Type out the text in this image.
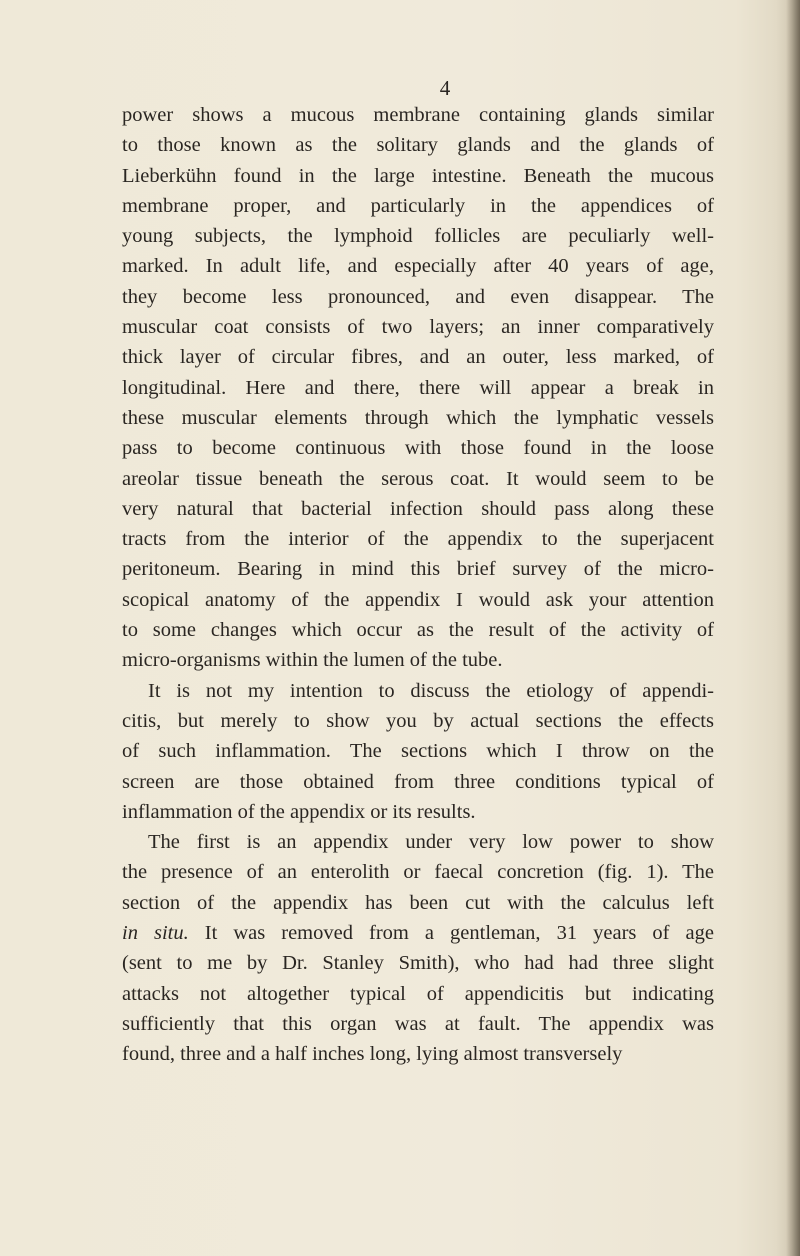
4

power shows a mucous membrane containing glands similar
to those known as the solitary glands and the glands of
Lieberkühn found in the large intestine. Beneath the mucous
membrane proper, and particularly in the appendices of
young subjects, the lymphoid follicles are peculiarly well-
marked. In adult life, and especially after 40 years of age,
they become less pronounced, and even disappear. The
muscular coat consists of two layers; an inner comparatively
thick layer of circular fibres, and an outer, less marked, of
longitudinal. Here and there, there will appear a break in
these muscular elements through which the lymphatic vessels
pass to become continuous with those found in the loose
areolar tissue beneath the serous coat. It would seem to be
very natural that bacterial infection should pass along these
tracts from the interior of the appendix to the superjacent
peritoneum. Bearing in mind this brief survey of the micro-
scopical anatomy of the appendix I would ask your attention
to some changes which occur as the result of the activity of
micro-organisms within the lumen of the tube.
It is not my intention to discuss the etiology of appendi-
citis, but merely to show you by actual sections the effects
of such inflammation. The sections which I throw on the
screen are those obtained from three conditions typical of
inflammation of the appendix or its results.
The first is an appendix under very low power to show
the presence of an enterolith or faecal concretion (fig. 1). The
section of the appendix has been cut with the calculus left
in situ. It was removed from a gentleman, 31 years of age
(sent to me by Dr. Stanley Smith), who had had three slight
attacks not altogether typical of appendicitis but indicating
sufficiently that this organ was at fault. The appendix was
found, three and a half inches long, lying almost transversely
